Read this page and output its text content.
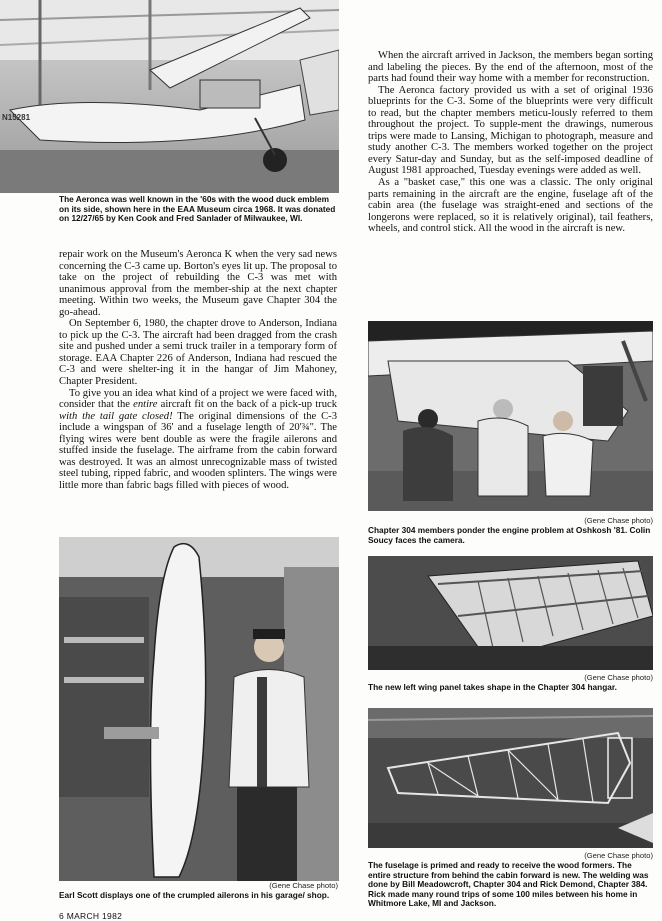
N15281

The Aeronca was well known in the '60s with the wood duck emblem on its side, shown here in the EAA Museum circa 1968. It was donated on 12/27/65 by Ken Cook and Fred Sanlader of Milwaukee, WI.

repair work on the Museum's Aeronca K when the very sad news concerning the C-3 came up. Borton's eyes lit up. The proposal to take on the project of rebuilding the C-3 was met with unanimous approval from the member-ship at the next chapter meeting. Within two weeks, the Museum gave Chapter 304 the go-ahead.

On September 6, 1980, the chapter drove to Anderson, Indiana to pick up the C-3. The aircraft had been dragged from the crash site and pushed under a semi truck trailer in a temporary form of storage. EAA Chapter 226 of Anderson, Indiana had rescued the C-3 and were shelter-ing it in the hangar of Jim Mahoney, Chapter President.

To give you an idea what kind of a project we were faced with, consider that the entire aircraft fit on the back of a pick-up truck with the tail gate closed! The original dimensions of the C-3 include a wingspan of 36' and a fuselage length of 20'¾". The flying wires were bent double as were the fragile ailerons and stuffed inside the fuselage. The airframe from the cabin forward was destroyed. It was an almost unrecognizable mass of twisted steel tubing, ripped fabric, and wooden splinters. The wings were little more than fabric bags filled with pieces of wood.

(Gene Chase photo)

Earl Scott displays one of the crumpled ailerons in his garage/ shop.

6 MARCH 1982

When the aircraft arrived in Jackson, the members began sorting and labeling the pieces. By the end of the afternoon, most of the parts had found their way home with a member for reconstruction.

The Aeronca factory provided us with a set of original 1936 blueprints for the C-3. Some of the blueprints were very difficult to read, but the chapter members meticu-lously referred to them throughout the project. To supple-ment the drawings, numerous trips were made to Lansing, Michigan to photograph, measure and study another C-3. The members worked together on the project every Satur-day and Sunday, but as the self-imposed deadline of August 1981 approached, Tuesday evenings were added as well.

As a "basket case," this one was a classic. The only original parts remaining in the aircraft are the engine, fuselage aft of the cabin area (the fuselage was straight-ened and sections of the longerons were replaced, so it is relatively original), tail feathers, wheels, and control stick. All the wood in the aircraft is new.

(Gene Chase photo)

Chapter 304 members ponder the engine problem at Oshkosh '81. Colin Soucy faces the camera.

(Gene Chase photo)

The new left wing panel takes shape in the Chapter 304 hangar.

(Gene Chase photo)

The fuselage is primed and ready to receive the wood formers. The entire structure from behind the cabin forward is new. The welding was done by Bill Meadowcroft, Chapter 304 and Rick Demond, Chapter 384. Rick made many round trips of some 100 miles between his home in Whitmore Lake, MI and Jackson.
